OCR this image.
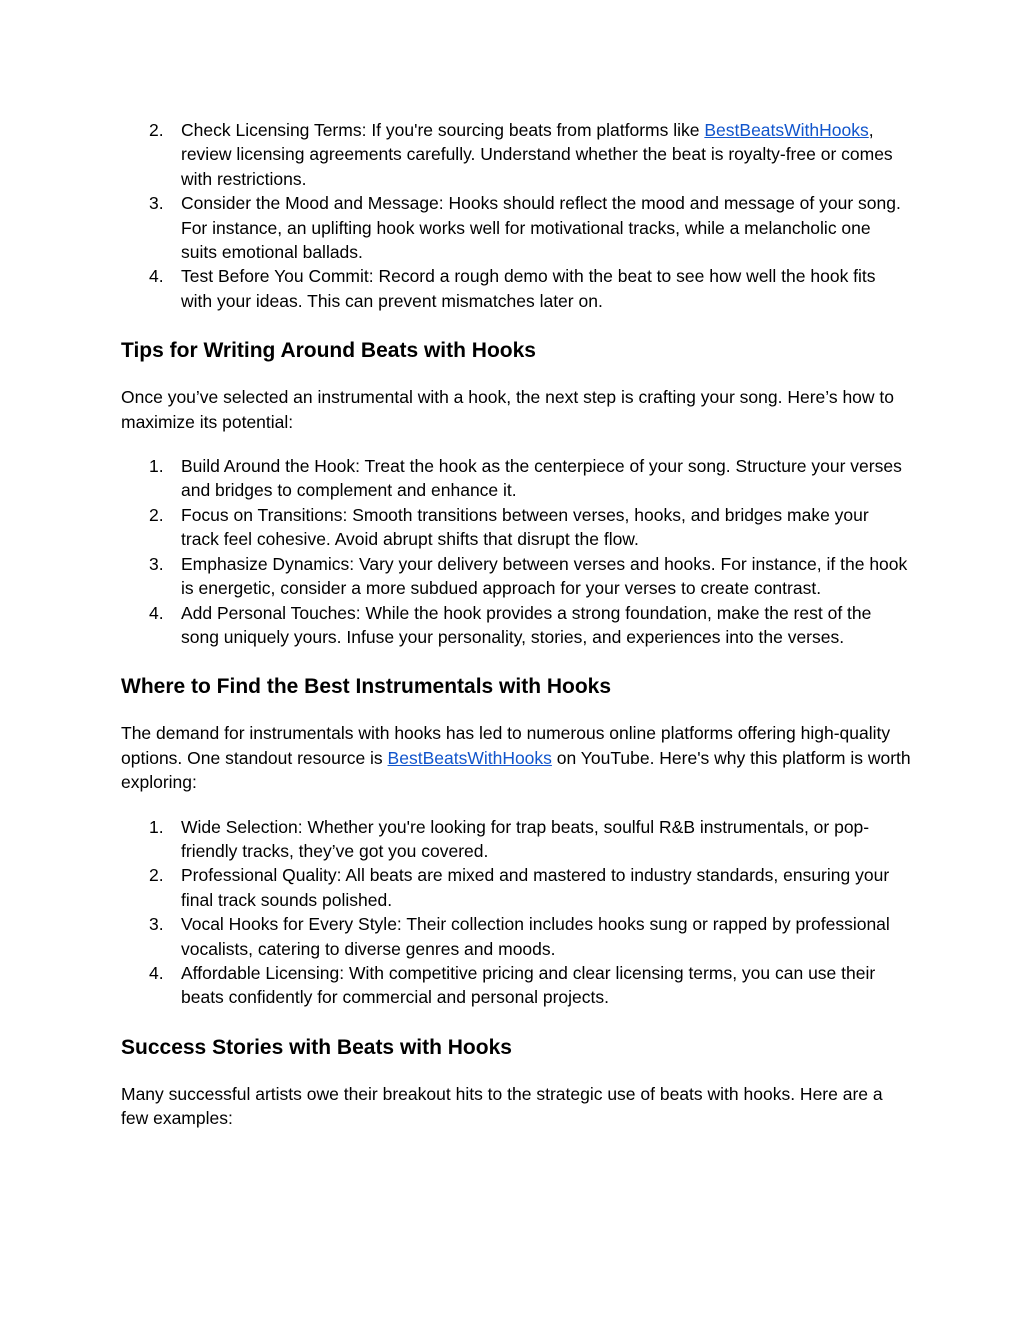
2. Check Licensing Terms: If you're sourcing beats from platforms like BestBeatsWithHooks, review licensing agreements carefully. Understand whether the beat is royalty-free or comes with restrictions.
3. Consider the Mood and Message: Hooks should reflect the mood and message of your song. For instance, an uplifting hook works well for motivational tracks, while a melancholic one suits emotional ballads.
4. Test Before You Commit: Record a rough demo with the beat to see how well the hook fits with your ideas. This can prevent mismatches later on.
Tips for Writing Around Beats with Hooks

Once you’ve selected an instrumental with a hook, the next step is crafting your song. Here’s how to maximize its potential:

1. Build Around the Hook: Treat the hook as the centerpiece of your song. Structure your verses and bridges to complement and enhance it.
2. Focus on Transitions: Smooth transitions between verses, hooks, and bridges make your track feel cohesive. Avoid abrupt shifts that disrupt the flow.
3. Emphasize Dynamics: Vary your delivery between verses and hooks. For instance, if the hook is energetic, consider a more subdued approach for your verses to create contrast.
4. Add Personal Touches: While the hook provides a strong foundation, make the rest of the song uniquely yours. Infuse your personality, stories, and experiences into the verses.
Where to Find the Best Instrumentals with Hooks

The demand for instrumentals with hooks has led to numerous online platforms offering high-quality options. One standout resource is BestBeatsWithHooks on YouTube. Here's why this platform is worth exploring:

1. Wide Selection: Whether you're looking for trap beats, soulful R&B instrumentals, or pop-friendly tracks, they’ve got you covered.
2. Professional Quality: All beats are mixed and mastered to industry standards, ensuring your final track sounds polished.
3. Vocal Hooks for Every Style: Their collection includes hooks sung or rapped by professional vocalists, catering to diverse genres and moods.
4. Affordable Licensing: With competitive pricing and clear licensing terms, you can use their beats confidently for commercial and personal projects.
Success Stories with Beats with Hooks

Many successful artists owe their breakout hits to the strategic use of beats with hooks. Here are a few examples:
